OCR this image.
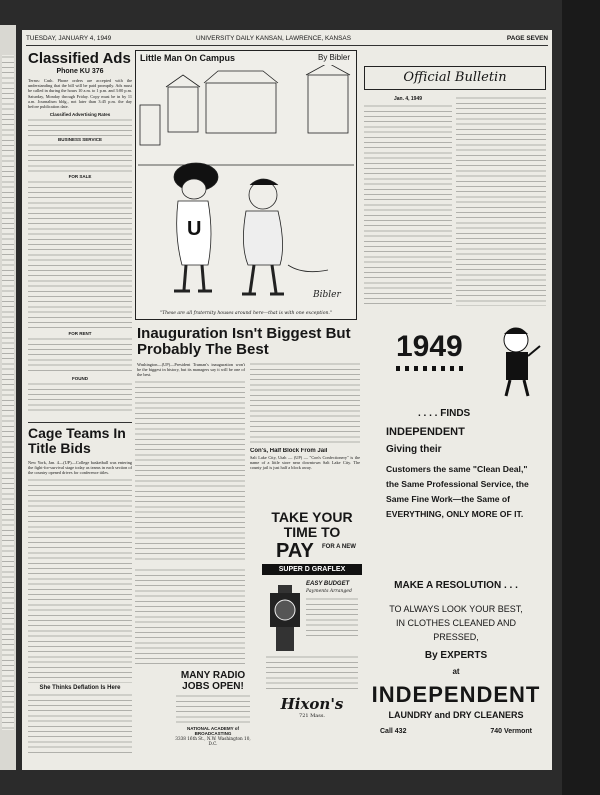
TUESDAY, JANUARY 4, 1949	UNIVERSITY DAILY KANSAN, LAWRENCE, KANSAS	PAGE SEVEN
Classified Ads
Phone KU 376
Terms: Cash. Phone orders are accepted with the understanding that the bill will be paid promptly. Ads must be called in during the hours 10 a.m. to 1 p.m. and 3:00 p.m. Saturday, Monday through Friday. Copy must be in by 11 a.m. Journalism bldg., not later than 3:45 p.m. the day before publication date.
Classified Advertising Rates
BUSINESS SERVICE
FOR SALE
FOR RENT
FOUND
Cage Teams In Title Bids
New York, Jan. 4—(UP)—College basketball was entering the fight-for-survival stage today as teams in each section of the country opened drives for conference titles.
She Thinks Deflation Is Here
Little Man On Campus	By Bibler
U
Bibler
"These are all fraternity houses around here—that is with one exception."
Inauguration Isn't Biggest But Probably The Best
Washington—(UP)—President Truman's inauguration won't be the biggest in history, but its managers say it will be one of the best.
Con's, Half Block From Jail
Salt Lake City, Utah — (UP) — "Con's Confectionery" is the name of a little store near downtown Salt Lake City. The county jail is just half a block away.
MANY RADIO JOBS OPEN!
NATIONAL ACADEMY of BROADCASTING
3338 16th St., N.W. Washington 10, D.C.
TAKE YOUR
TIME TO
PAY FOR A NEW
SUPER D GRAFLEX
EASY BUDGET
Payments Arranged
Hixon's
721 Mass.
Official Bulletin
Jan. 4, 1949
1949
. . . . FINDS
INDEPENDENT
Giving their
Customers the same "Clean Deal," the Same Professional Service, the Same Fine Work—the Same of EVERYTHING, ONLY MORE OF IT.
MAKE A RESOLUTION . . .
TO ALWAYS LOOK YOUR BEST, IN CLOTHES CLEANED AND PRESSED,
By EXPERTS
at
INDEPENDENT
LAUNDRY and DRY CLEANERS
Call 432	740 Vermont
